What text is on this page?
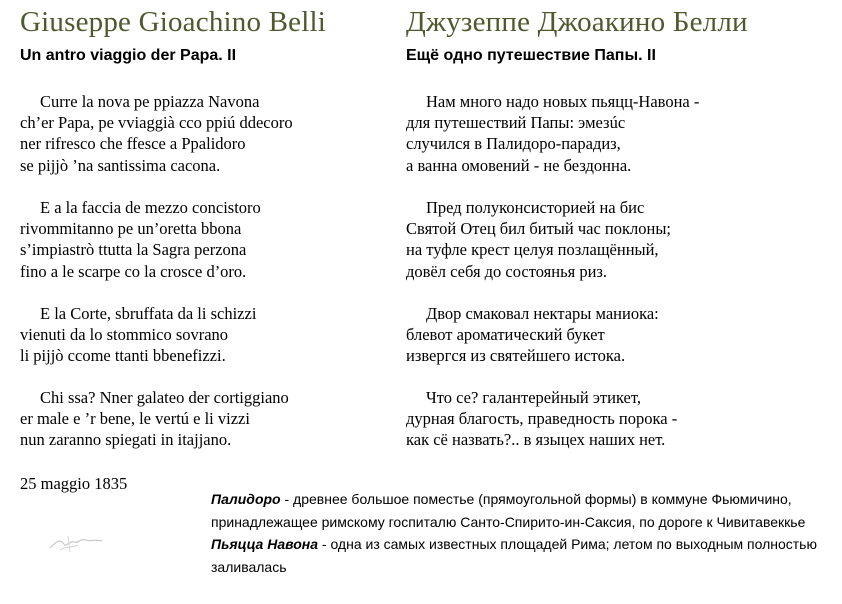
Giuseppe Gioachino Belli
Un antro viaggio der Papa. II
Curre la nova pe ppiazza Navona
ch’er Papa, pe vviaggià cco ppiú ddecoro
ner rifresco che ffesce a Ppalidoro
se pijjò ’na santissima cacona.
E a la faccia de mezzo concistoro
rivommitanno pe un’oretta bbona
s’impiastrò ttutta la Sagra perzona
fino a le scarpe co la crosce d’oro.
E la Corte, sbruffata da li schizzi
vienuti da lo stommico sovrano
li pijjò ccome ttanti bbenefizzi.
Chi ssa? Nner galateo der cortiggiano
er male e ’r bene, le vertú e li vizzi
nun zaranno spiegati in itajjano.
25 maggio 1835
Джузеппе Джоакино Белли
Ещё одно путешествие Папы. II
Нам много надо новых пьяцц-Навона -
для путешествий Папы: эмезúс
случился в Палидоро-парадиз,
а ванна омовений - не бездонна.
Пред полуконсисторией на бис
Святой Отец бил битый час поклоны;
на туфле крест целуя позлащённый,
довёл себя до состоянья риз.
Двор смаковал нектары маниока:
блевот ароматический букет
извергся из святейшего истока.
Что се? галантерейный этикет,
дурная благость, праведность порока -
как сё назвать?.. в языцех наших нет.

Палидоро - древнее большое поместье (прямоугольной формы) в коммуне Фьюмичино, принадлежащее римскому госпиталю Санто-Спирито-ин-Саксия, по дороге к Чивитавеккье

Пьяцца Навона - одна из самых известных площадей Рима; летом по выходным полностью заливалась
